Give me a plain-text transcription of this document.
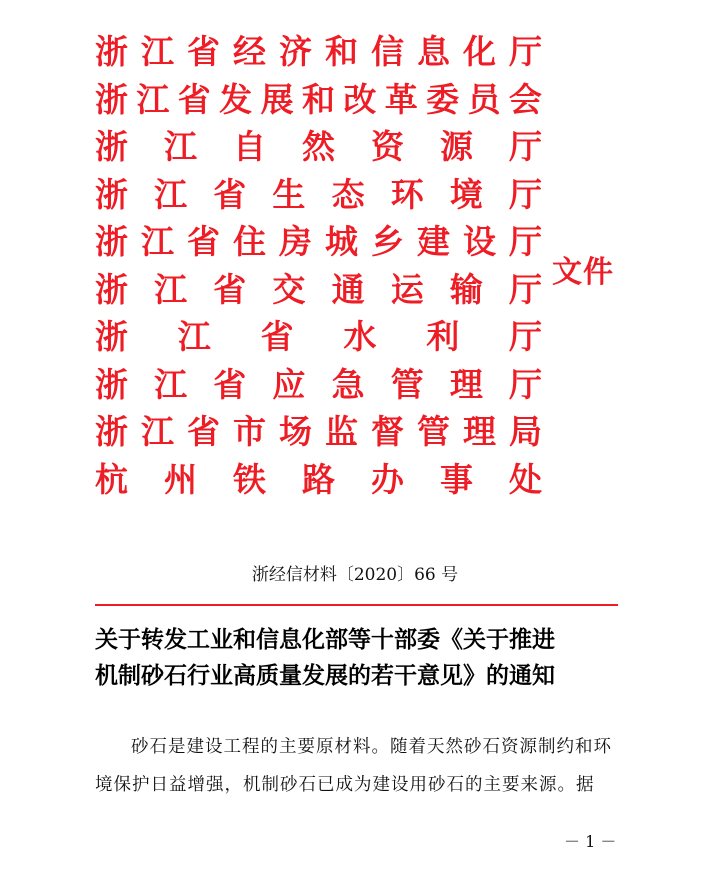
浙 江 省 经 济 和 信 息 化 厅
浙 江 省 发 展 和 改 革 委 员 会
浙 江 自 然 资 源 厅
浙 江 省 生 态 环 境 厅
浙 江 省 住 房 城 乡 建 设 厅
浙 江 省 交 通 运 输 厅
浙 江 省 水 利 厅
浙 江 省 应 急 管 理 厅
浙 江 省 市 场 监 督 管 理 局
杭 州 铁 路 办 事 处
文件
浙经信材料〔2020〕66 号
关于转发工业和信息化部等十部委《关于推进
机制砂石行业高质量发展的若干意见》的通知
砂石是建设工程的主要原材料。随着天然砂石资源制约和环境保护日益增强，机制砂石已成为建设用砂石的主要来源。据
－ 1 －
